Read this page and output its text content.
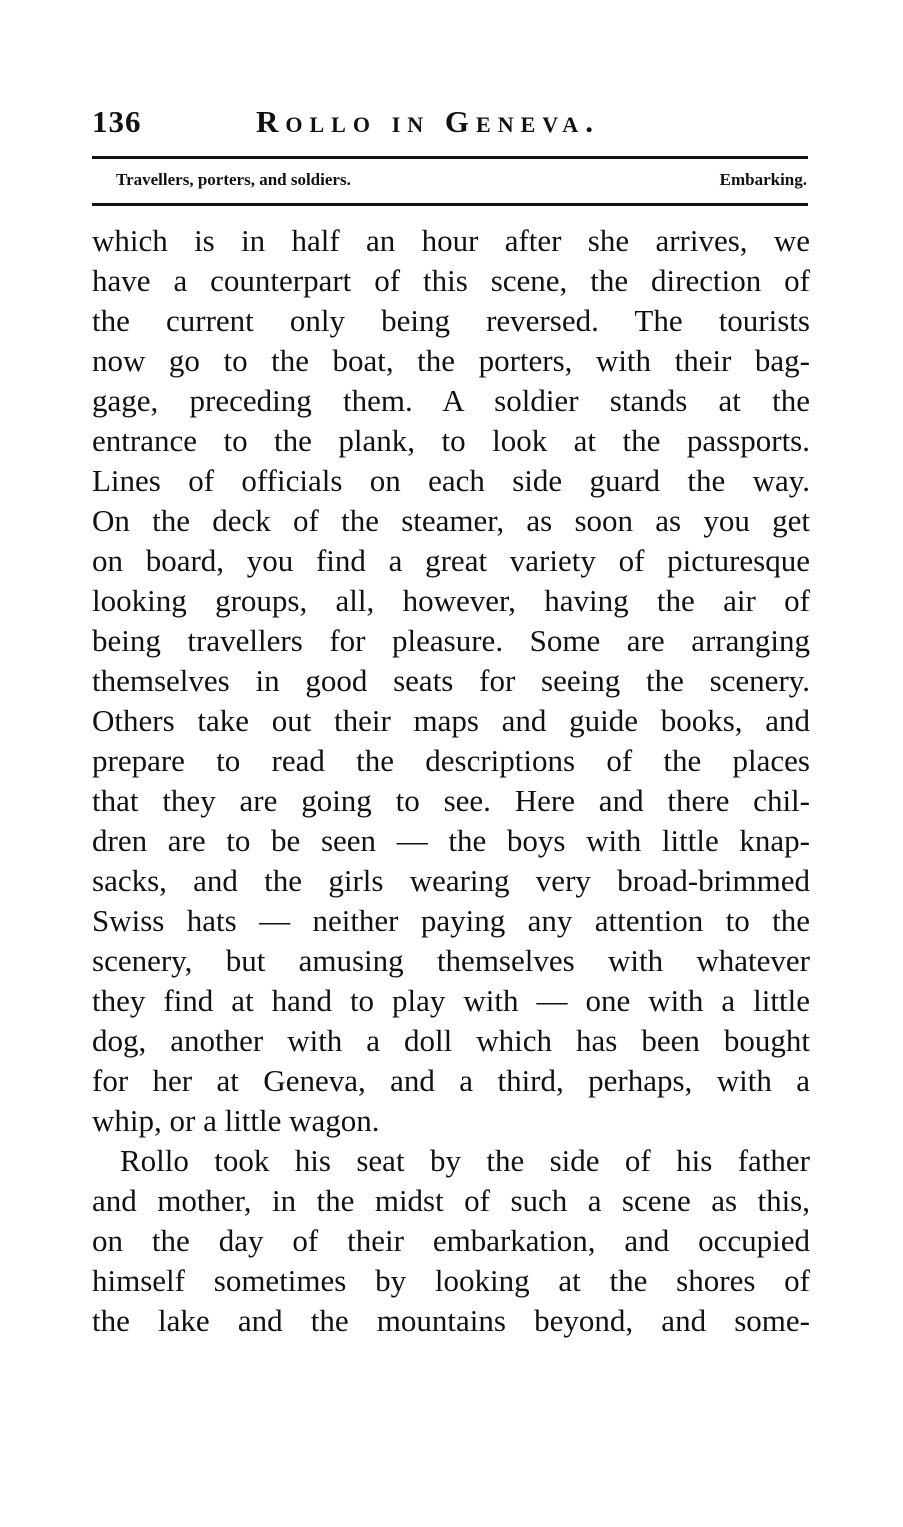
136	Rollo in Geneva.
Travellers, porters, and soldiers.	Embarking.
which is in half an hour after she arrives, we
have a counterpart of this scene, the direction of
the current only being reversed. The tourists
now go to the boat, the porters, with their bag-
gage, preceding them. A soldier stands at the
entrance to the plank, to look at the passports.
Lines of officials on each side guard the way.
On the deck of the steamer, as soon as you get
on board, you find a great variety of picturesque
looking groups, all, however, having the air of
being travellers for pleasure. Some are arranging
themselves in good seats for seeing the scenery.
Others take out their maps and guide books, and
prepare to read the descriptions of the places
that they are going to see. Here and there chil-
dren are to be seen — the boys with little knap-
sacks, and the girls wearing very broad-brimmed
Swiss hats — neither paying any attention to the
scenery, but amusing themselves with whatever
they find at hand to play with — one with a little
dog, another with a doll which has been bought
for her at Geneva, and a third, perhaps, with a
whip, or a little wagon.
Rollo took his seat by the side of his father
and mother, in the midst of such a scene as this,
on the day of their embarkation, and occupied
himself sometimes by looking at the shores of
the lake and the mountains beyond, and some-
